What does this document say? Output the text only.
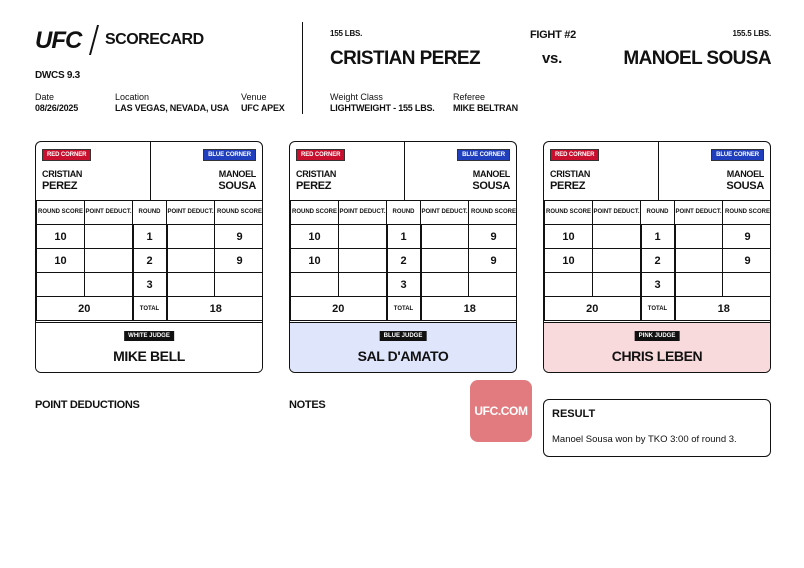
UFC SCORECARD
DWCS 9.3
Date
08/26/2025
Location
LAS VEGAS, NEVADA, USA
Venue
UFC APEX
155 LBS.
CRISTIAN PEREZ
FIGHT #2
vs.
155.5 LBS.
MANOEL SOUSA
Weight Class
LIGHTWEIGHT - 155 LBS.
Referee
MIKE BELTRAN
RED CORNER	BLUE CORNER
CRISTIAN
PEREZ
MANOEL
SOUSA
ROUND SCORE	POINT DEDUCT.	ROUND	POINT DEDUCT.	ROUND SCORE
10		1		9
10		2		9
		3		
20		TOTAL	18	
WHITE JUDGE
MIKE BELL
RED CORNER	BLUE CORNER
CRISTIAN
PEREZ
MANOEL
SOUSA
ROUND SCORE	POINT DEDUCT.	ROUND	POINT DEDUCT.	ROUND SCORE
10		1		9
10		2		9
		3		
20		TOTAL	18	
BLUE JUDGE
SAL D'AMATO
RED CORNER	BLUE CORNER
CRISTIAN
PEREZ
MANOEL
SOUSA
ROUND SCORE	POINT DEDUCT.	ROUND	POINT DEDUCT.	ROUND SCORE
10		1		9
10		2		9
		3		
20		TOTAL	18	
PINK JUDGE
CHRIS LEBEN
POINT DEDUCTIONS	NOTES	UFC.COM	RESULT
Manoel Sousa won by TKO 3:00 of round 3.
